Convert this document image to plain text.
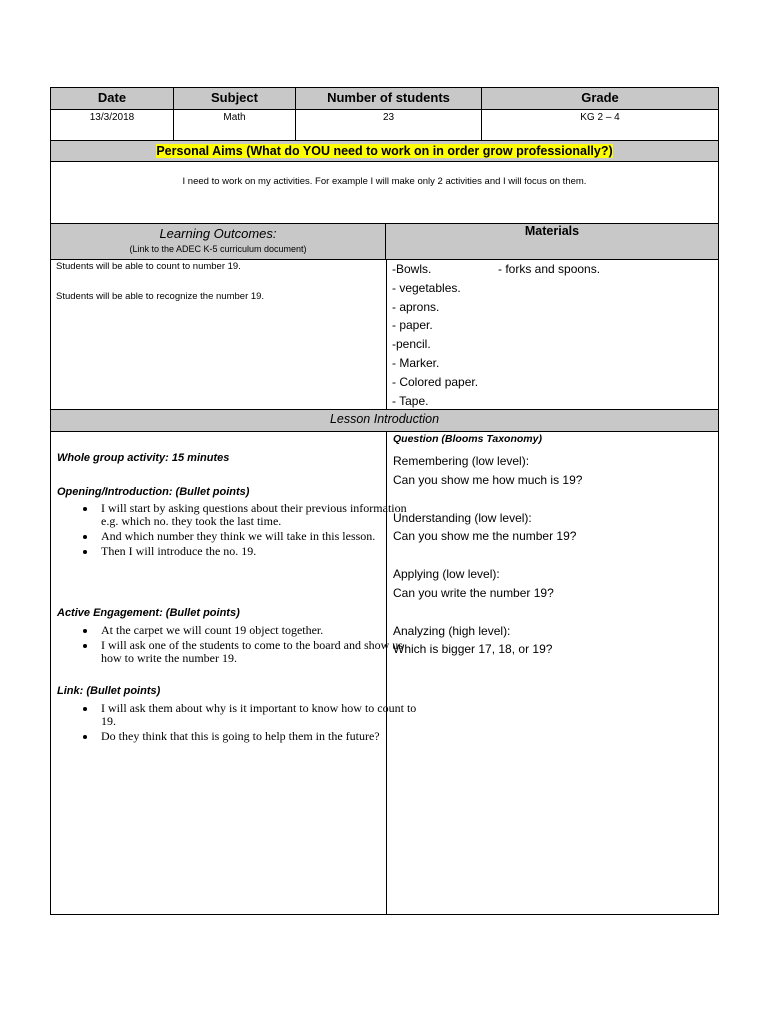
Date	Subject	Number of students	Grade
13/3/2018	Math	23	KG 2 – 4
Personal Aims (What do YOU need to work on in order grow professionally?)
I need to work on my activities. For example I will make only 2 activities and I will focus on them.
Learning Outcomes:
(Link to the ADEC K-5 curriculum document)
Materials
Students will be able to count to number 19.
Students will be able to recognize the number 19.
-Bowls.	- forks and spoons.
- vegetables.
- aprons.
- paper.
-pencil.
- Marker.
- Colored paper.
- Tape.
Lesson Introduction
Whole group activity: 15 minutes
Opening/Introduction: (Bullet points)
• I will start by asking questions about their previous information e.g. which no. they took the last time.
• And which number they think we will take in this lesson.
• Then I will introduce the no. 19.
Active Engagement: (Bullet points)
• At the carpet we will count 19 object together.
• I will ask one of the students to come to the board and show us how to write the number 19.
Link: (Bullet points)
• I will ask them about why is it important to know how to count to 19.
• Do they think that this is going to help them in the future?
Question (Blooms Taxonomy)
Remembering (low level):
Can you show me how much is 19?
Understanding (low level):
Can you show me the number 19?
Applying (low level):
Can you write the number 19?
Analyzing (high level):
Which is bigger 17, 18, or 19?
